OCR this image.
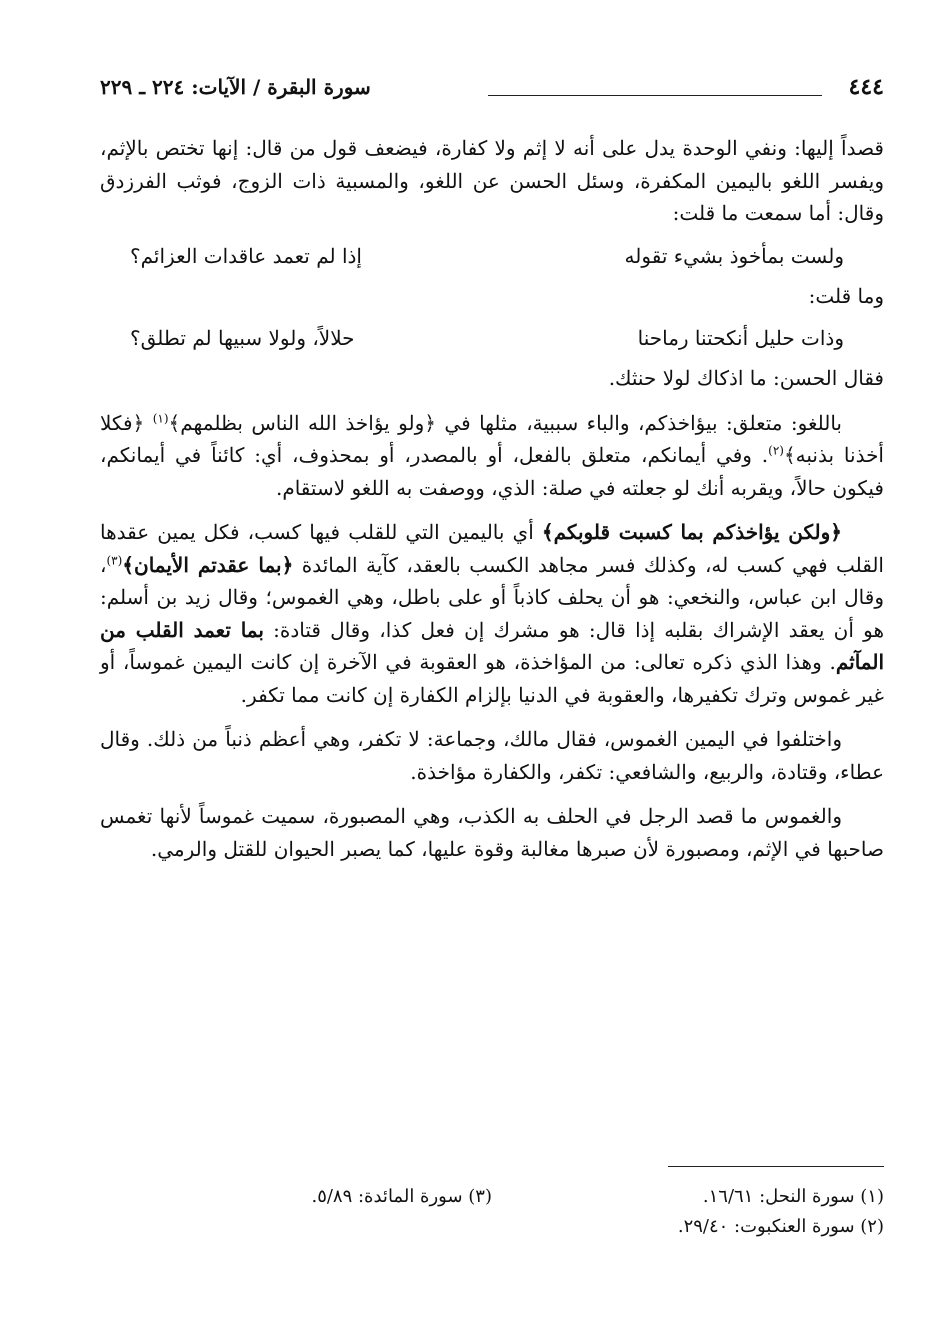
٤٤٤
سورة البقرة / الآيات: ٢٢٤ ـ ٢٢٩

قصداً إليها: ونفي الوحدة يدل على أنه لا إثم ولا كفارة، فيضعف قول من قال: إنها تختص بالإثم، ويفسر اللغو باليمين المكفرة، وسئل الحسن عن اللغو، والمسبية ذات الزوج، فوثب الفرزدق وقال: أما سمعت ما قلت:

ولست بمأخوذ بشيء تقوله
إذا لم تعمد عاقدات العزائم؟

وما قلت:

وذات حليل أنكحتنا رماحنا
حلالاً، ولولا سبيها لم تطلق؟

فقال الحسن: ما اذكاك لولا حنثك.

باللغو: متعلق: بيؤاخذكم، والباء سببية، مثلها في ﴿ولو يؤاخذ الله الناس بظلمهم﴾$^{(١)}$ ﴿فكلا أخذنا بذنبه﴾$^{(٢)}$. وفي أيمانكم، متعلق بالفعل، أو بالمصدر، أو بمحذوف، أي: كائناً في أيمانكم، فيكون حالاً، ويقربه أنك لو جعلته في صلة: الذي، ووصفت به اللغو لاستقام.

﴿ولكن يؤاخذكم بما كسبت قلوبكم﴾ أي باليمين التي للقلب فيها كسب، فكل يمين عقدها القلب فهي كسب له، وكذلك فسر مجاهد الكسب بالعقد، كآية المائدة ﴿بما عقدتم الأيمان﴾$^{(٣)}$، وقال ابن عباس، والنخعي: هو أن يحلف كاذباً أو على باطل، وهي الغموس؛ وقال زيد بن أسلم: هو أن يعقد الإشراك بقلبه إذا قال: هو مشرك إن فعل كذا، وقال قتادة: بما تعمد القلب من المآثم. وهذا الذي ذكره تعالى: من المؤاخذة، هو العقوبة في الآخرة إن كانت اليمين غموساً، أو غير غموس وترك تكفيرها، والعقوبة في الدنيا بإلزام الكفارة إن كانت مما تكفر.

واختلفوا في اليمين الغموس، فقال مالك، وجماعة: لا تكفر، وهي أعظم ذنباً من ذلك. وقال عطاء، وقتادة، والربيع، والشافعي: تكفر، والكفارة مؤاخذة.

والغموس ما قصد الرجل في الحلف به الكذب، وهي المصبورة، سميت غموساً لأنها تغمس صاحبها في الإثم، ومصبورة لأن صبرها مغالبة وقوة عليها، كما يصبر الحيوان للقتل والرمي.

(١) سورة النحل: ١٦/٦١.
(٣) سورة المائدة: ٥/٨٩.
(٢) سورة العنكبوت: ٢٩/٤٠.
